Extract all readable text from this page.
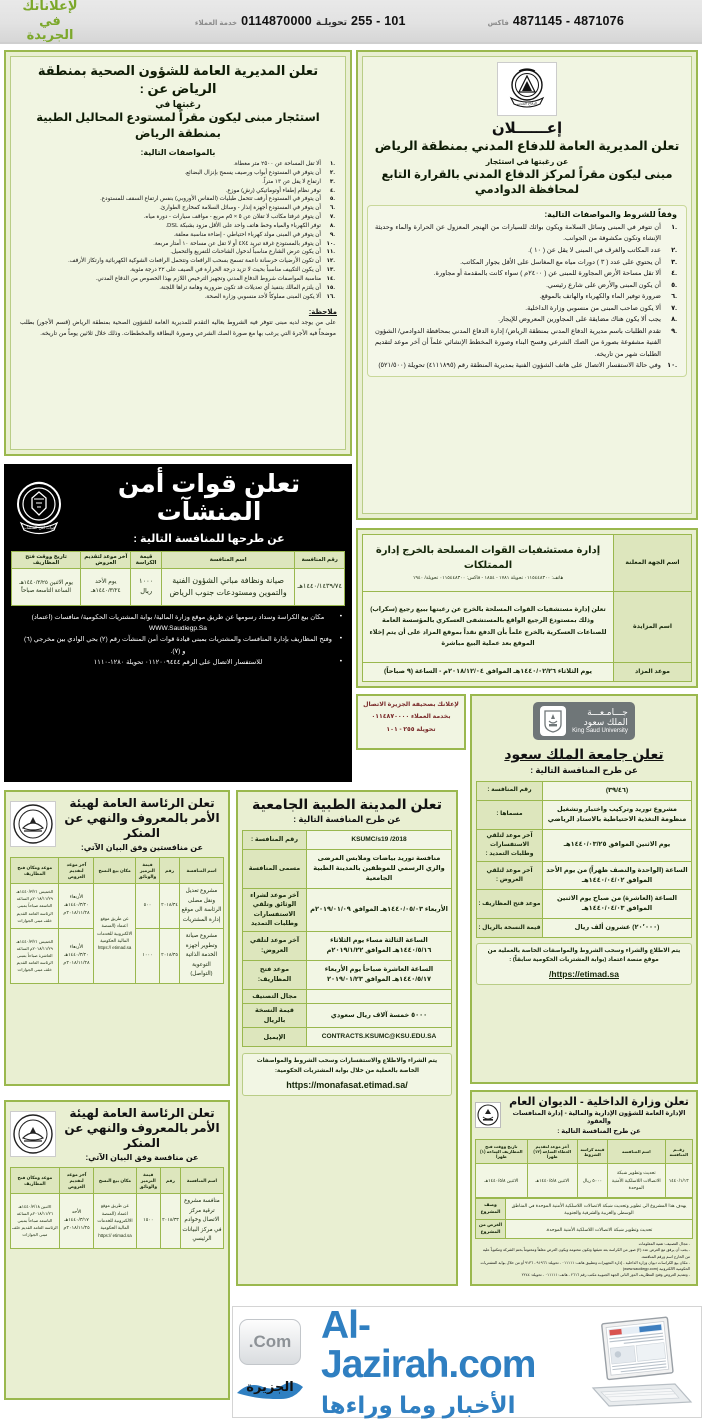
4871145 - 4871076
فاكس
255 - 101
تحويلـة
0114870000
خدمة العملاء
لإعلاناتك
في الجريدة
تعلن المديرية العامة للشؤون الصحية بمنطقة الرياض عن :
رغبتها في
استئجار مبنى ليكون مقراً لمستودع المحاليل الطبية بمنطقة الرياض
بالمواصفات التالية:
ألا تقل المساحة عن ٢٥٠٠ متر مغطاة.
أن يتوفر في المستودع أبواب ورصيف يسمح بإنزال البضائع.
ارتفاع لا يقل عن ١٣ متراً.
توفر نظام إطفاء أوتوماتيكي (رش) موزع.
أن يتوفر في المستودع أرفف تتحمل طبليات (المقاس الأوروبي) بنفس ارتفاع السقف للمستودع.
أن يتوفر في المستودع أجهزة إنذار - وسائل السلامة كمخارج الطوارئ.
أن يتوفر غرفتا مكاتب لا تقلان عن ٥ × ٥م مربع - مواقف سيارات - دورة مياه.
توفر الكهرباء والمياه وخط هاتف واحد على الأقل مزود بشبكة DSL.
أن يتوفر في المبنى مولد كهرباء احتياطي - إضاءة مناسبة معلقة.
أن يتوفر بالمستودع غرفة تبريد ٤X٤ أو لا تقل عن مساحة ١٠ أمتار مربعة.
أن يكون عرض الشارع مناسباً لدخول الشاحنات للتفريغ والتحميل.
أن تكون الأرضيات خرسانة ناعمة تسمح بسحب الرافعات وتتحمل الرافعات الشوكية الكهربائية وارتكاز الأرفف.
أن يكون التكييف مناسباً بحيث لا تزيد درجة الحرارة في الصيف على ٢٢ درجة مئوية.
مناسبة المواصفات شروط الدفاع المدني وتجهيز الترخيص اللازم بهذا الخصوص من الدفاع المدني.
أن يلتزم المالك بتنفيذ أي تعديلات قد تكون ضرورية وهامة تراها اللجنة.
ألا يكون المبنى مملوكاً لأحد منسوبي وزارة الصحة.
ملاحظة:
على من يوجد لديه مبنى تتوفر فيه الشروط بعاليه التقدم للمديرية العامة للشؤون الصحية بمنطقة الرياض (قسم الأجور) بطلب موضحاً فيه الأجرة التي يرغب بها مع صورة الصك الشرعي وصورة البطاقة والمخططات. وذلك خلال ثلاثين يوماً من تاريخه.
الدفاع المدني
إعــــــلان
تعلن المديرية العامة للدفاع المدني بمنطقة الرياض
عن رغبتها في استئجار
مبنى ليكون مقراً لمركز الدفاع المدني بالقرارة التابع لمحافظة الدوادمي
وفقاً للشروط والمواصفات التالية:
أن تتوفر في المبنى وسائل السلامة ويكون بوائك للسيارات من الهنجر المعزول عن الحرارة والماء وحديثة الإنشاء وتكون مكشوفة من الجوانب.
عدد المكاتب والغرف في المبنى لا يقل عن ( ١٠ ).
أن يحتوي على عدد ( ٣ ) دورات مياه مع المغاسل على الأقل بجوار المكاتب.
ألا تقل مساحة الأرض المجاورة للمبنى عن ( ٢٤٠٠م ) سواء كانت بالمقدمة أو مجاورة.
أن يكون المبنى والأرض على شارع رئيسي.
ضرورة توفير الماء والكهرباء والهاتف بالموقع.
ألا يكون صاحب المبنى من منسوبي وزارة الداخلية.
يجب ألا يكون هناك مضايقة على المجاورين المعروض للإيجار.
تقدم الطلبات باسم مديرية الدفاع المدني بمنطقة الرياض/ إدارة الدفاع المدني بمحافظة الدوادمي/ الشؤون الفنية مشفوعة بصورة من الصك الشرعي وفسح البناء وصورة المخطط الإنشائي علماً أن آخر موعد لتقديم الطلبات شهر من تاريخه.
وفي حالة الاستفسار الاتصال على هاتف الشؤون الفنية بمديرية المنطقة رقم (٤١١١٨٩٥) تحويلة (٥٢١/٥٠٠)
تعلن قوات أمن المنشآت
عن طرحها للمنافسة التالية :
قوات أمن المنشآت
رقم المنافسة	اسم المنافسة	قيمة الكراسة	آخر موعد لتقديم العروض	تاريخ ووقت فتح المظاريف
١٤٤٠/١٤٣٩/٧٤هـ	صيانة ونظافة مباني الشؤون الفنية والتموين ومستودعات جنوب الرياض	١٠٠٠ ريال	يوم الأحد ١٤٤٠/٣/٢٤هـ	يوم الاثنين ١٤٤٠/٣/٢٥هـ الساعة التاسعة صباحاً
• مكان بيع الكراسة وسداد رسومها عن طريق موقع وزارة المالية/ بوابة المشتريات الحكومية/ منافسات (اعتماد) WWW.Saudiegp.Sa
• وفتح المظاريف بإدارة المنافسات والمشتريات بمبنى قيادة قوات أمن المنشآت رقم (٢) بحي الوادي بين مخرجي (٦) و (٧).
• للاستفسار الاتصال على الرقم ٠١١٢٠٠٩٤٤٤ تحويلة ١٢٨٠-١١١٠
اسم الجهة المعلنة	إدارة مستشفيات القوات المسلحة بالخرج إدارة الممتلكات
هاتف: ٠١١٥٤٤٨٣٠٠ تحويلة ١٧٨١ - ١٨٥٤ - فاكس: ٠١١٥٤٤٨٣٠٠ تحويلة/ ١٩٤٠

اسم المزايدة	تعلن إدارة مستشفيات القوات المسلحة بالخرج عن رغبتها ببيع رجيع (سكراب) وذلك بمستودع الرجيع الواقع بالمستشفى العسكري بالمؤسسة العامة للصناعات العسكرية بالخرج علماً بأن الدفع نقداً بموقع المزاد على أن يتم إخلاء الموقع بعد عملية البيع مباشرة
موعد المزاد	يوم الثلاثاء ١٤٤٠/٠٢/٢٦هـ الموافق ٢٠١٨/١٢/٠٤م - الساعة (٩ صباحاً)
لإعلانك بصحيفة الجزيرة الاتصال
بخدمة العملاء ٠١١٤٨٧٠٠٠٠
تحويلة ٢٥٥ - ١٠١
جـــامـعـــة
الملك سعود
King Saud University
تعلن جامعة الملك سعود
عن طرح المنافسة التالية :
(٣٩/٤٦)	رقم المنافسة :
مشروع توريد وتركيب واختبار وتشغيل منظومة التغذية الاحتياطية بالاستاد الرياضي	مسماها :
يوم الاثنين الموافق ١٤٤٠/٠٣/٢٥هـ	آخر موعد لتلقي الاستفسارات وطلبات التمديد :
الساعة (الواحدة والنصف ظهراً) من يوم الأحد الموافق ١٤٤٠/٠٤/٠٢هـ	آخر موعد لتلقي العروض :
الساعة (العاشرة) من صباح يوم الاثنين الموافق ١٤٤٠/٠٤/٠٣هـ	موعد فتح المظاريف :
(٢٠٬٠٠٠) عشرون ألف ريال	قيمة النسخة بالريال :
يتم الاطلاع والشراء وسحب الشروط والمواصفات الخاصة بالعملية من موقع منصة اعتماد (بوابة المشتريات الحكومية سابقاً) :
https://etimad.sa/
تعلن المدينة الطبية الجامعية
عن طرح المنافسة التالية :
KSUMC/s19 /2018	رقم المنافسة :
منافسة توريد بياضات وملابس المرضى والزي الرسمي للموظفين بالمدينة الطبية الجامعية	مسمى المنافسة
الأربعاء ١٤٤٠/٠٥/٠٣هـ الموافق ٢٠١٩/٠١/٠٩م	آخر موعد لشراء الوثائق وتلقي الاستفسارات وطلبات التمديد
الساعة الثالثة مساء يوم الثلاثاء ١٤٤٠/٥/١٦هـ الموافق ٢٠١٩/١/٢٢م	آخر موعد لتلقي العروض:
الساعة العاشرة صباحاً يوم الأربعاء ١٤٤٠/٥/١٧هـ الموافق ٢٠١٩/٠١/٢٣	موعد فتح المظاريف:
	مجال التصنيف
٥٠٠٠ خمسة آلاف ريال سعودي	قيمة النسخة بالريال
CONTRACTS.KSUMC@KSU.EDU.SA	الإيميل
يتم الشراء والاطلاع والاستفسارات وسحب الشروط والمواصفات الخاصة بالعملية من خلال بوابة المشتريات الحكومية:
/https://monafasat.etimad.sa
تعلن الرئاسة العامة لهيئة
الأمر بالمعروف والنهي عن المنكر
عن منافستين وفق البيان الآتي:
اسم المنافسة	رقم	قيمة الترميز والوثائق	مكان بيع النسخ	آخر موعد لتقديم العروض	موعد ومكان فتح المظاريف
مشروع تعديل ونقل مصلى الرئاسة الى موقع إدارة المشتريات	٢٠١٨/٣٤	٥٠٠	عن طريق موقع اعتماد (المنصة الالكترونية للخدمات المالية الحكومية https:// etimad.sa	الأربعاء ١٤٤٠/٣/٢٠هـ ٢٠١٨/١١/٢٨م	الخميس ١٤٤٠/٣/٢١هـ ٢٠١٨/١١/٢٩م الساعة التاسعة صباحاً بمبنى الرئاسة العامة القديم خلف مبنى الجوازات
مشروع صيانة وتطوير أجهزة الخدمة الذاتية التوعوية (التواصل)	٢٠١٨/٣٥	١٠٠٠		الأربعاء ١٤٤٠/٣/٢٠هـ ٢٠١٨/١١/٢٨م	الخميس ١٤٤٠/٣/٢١هـ ٢٠١٨/١١/٢٩م الساعة العاشرة صباحاً بمبنى الرئاسة العامة القديم خلف مبنى الجوازات
تعلن الرئاسة العامة لهيئة
الأمر بالمعروف والنهي عن المنكر
عن منافسة وفق البيان الآتي:
اسم المنافسة	رقم	قيمة الترميز والوثائق	مكان بيع النسخ	آخر موعد لتقديم العروض	موعد ومكان فتح المظاريف
منافسة مشروع ترقية مركز الاتصال وخوادم في مركز البيانات الرئيسي	٢٠١٨/٣٣	١٥٠٠	عن طريق موقع اعتماد (المنصة الالكترونية للخدمات المالية الحكومية https:// etimad.sa	الأحد ١٤٤٠/٣/١٧هـ ٢٠١٨/١١/٢٥م	الاثنين ١٤٤٠/٣/١٨هـ ٢٠١٨/١١/٢٦م الساعة التاسعة صباحاً بمبنى الرئاسة العامة القديم خلف مبنى الجوازات
تعلن وزارة الداخلية - الديوان العام
الإدارة العامة للشؤون الإدارية والمالية - إدارة المنافسات والعقود
عن طرح المنافسة التالية :
رقــم المنافسة	اسم المنافسة	قيمة كراسة الشروط	آخر موعد لتقديم العطاء الساعة (١٢) ظهراً	تاريخ ووقت فتح المظاريف الساعة (١) ظهراً
١٤٤٠/١/١٢	تحديث وتطوير شبكة الاتصالات اللاسلكية الأمنية الموحدة	٥٠٠٠ ريال	الاثنين ١٤٤٠/٥/٨هـ	الاثنين ١٤٤٠/٥/٨هـ
يهدف هذا المشروع الى تطوير وتحديث شبكة الاتصالات اللاسلكية الأمنية الموحدة في المناطق الوسطى والغربية والشرقية والجنوبية	وصف المشروع
تحديث وتطوير شبكة الاتصالات اللاسلكية الأمنية الموحدة.	الغرض من المشروع
- مجال التصنيف: تقنية المعلومات
- يجب أن يرفق مع العرض عدد (٢) صور من الكراسة بعد تعبئتها وتكون مختومة ويكون العرض مغلقاً ومختوماً بختم الشركة ومكتوباً عليه من الخارج اسم ورقم المنافسة.
- مكان بيع الكراسات ديوان وزارة الداخلية - إدارة التجهيزات وتطبيق هاتف: ٠١١١١١ - تحويلة: ٩١٩٦٦ - ٩١٣٦ أو من خلال بوابة المشتريات الحكومية الالكترونية (www.saudiegp.com)
- وتقديم العروض وفتح المظاريف الدور الثاني الجهة الجنوبية مكتب رقم ٢٦١٦ - هاتف: ٠١١١١١ - تحويلة: ٢٢٤٤
Al-Jazirah.com
الأخبار وما وراءها
.Com
الجزيرة
